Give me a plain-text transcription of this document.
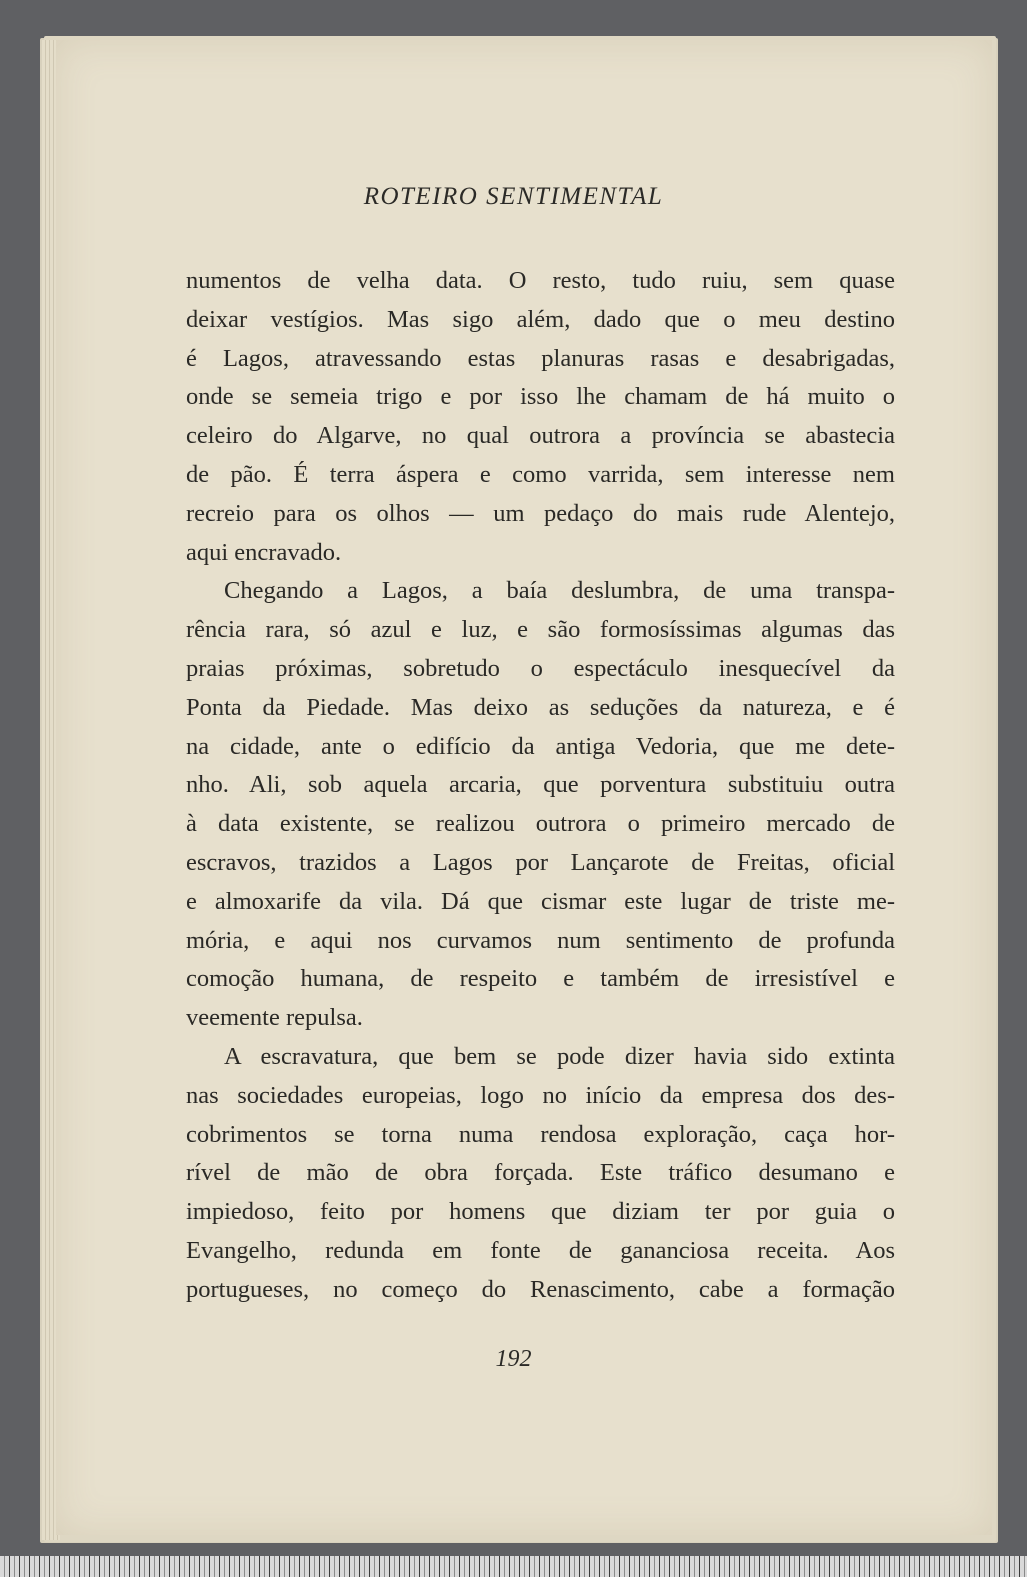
ROTEIRO SENTIMENTAL
numentos de velha data. O resto, tudo ruiu, sem quase
deixar vestígios. Mas sigo além, dado que o meu destino
é Lagos, atravessando estas planuras rasas e desabrigadas,
onde se semeia trigo e por isso lhe chamam de há muito o
celeiro do Algarve, no qual outrora a província se abastecia
de pão. É terra áspera e como varrida, sem interesse nem
recreio para os olhos — um pedaço do mais rude Alentejo,
aqui encravado.
Chegando a Lagos, a baía deslumbra, de uma transpa-
rência rara, só azul e luz, e são formosíssimas algumas das
praias próximas, sobretudo o espectáculo inesquecível da
Ponta da Piedade. Mas deixo as seduções da natureza, e é
na cidade, ante o edifício da antiga Vedoria, que me dete-
nho. Ali, sob aquela arcaria, que porventura substituiu outra
à data existente, se realizou outrora o primeiro mercado de
escravos, trazidos a Lagos por Lançarote de Freitas, oficial
e almoxarife da vila. Dá que cismar este lugar de triste me-
mória, e aqui nos curvamos num sentimento de profunda
comoção humana, de respeito e também de irresistível e
veemente repulsa.
A escravatura, que bem se pode dizer havia sido extinta
nas sociedades europeias, logo no início da empresa dos des-
cobrimentos se torna numa rendosa exploração, caça hor-
rível de mão de obra forçada. Este tráfico desumano e
impiedoso, feito por homens que diziam ter por guia o
Evangelho, redunda em fonte de gananciosa receita. Aos
portugueses, no começo do Renascimento, cabe a formação
192
